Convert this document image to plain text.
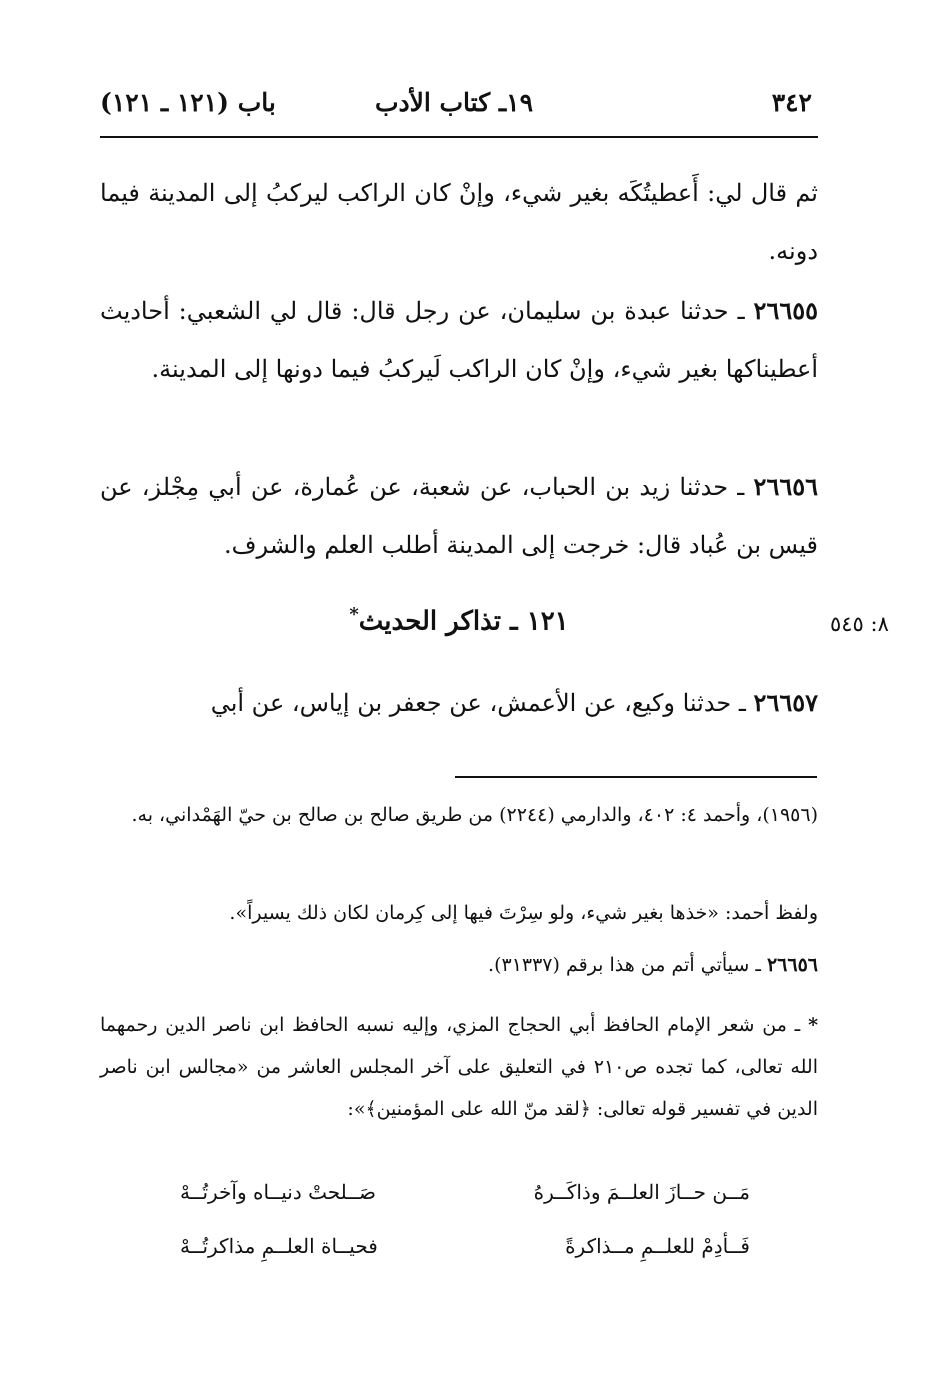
٣٤٢
١٩ـ كتاب الأدب
باب (١٢١ ـ ١٢١)

ثم قال لي: أَعطيتُكَه بغير شيء، وإنْ كان الراكب ليركبُ إلى المدينة فيما دونه.

٢٦٦٥٥ ـ حدثنا عبدة بن سليمان، عن رجل قال: قال لي الشعبي: أحاديث أعطيناكها بغير شيء، وإنْ كان الراكب لَيركبُ فيما دونها إلى المدينة.

٢٦٦٥٦ ـ حدثنا زيد بن الحباب، عن شعبة، عن عُمارة، عن أبي مِجْلز، عن قيس بن عُباد قال: خرجت إلى المدينة أطلب العلم والشرف.

١٢١ ـ تذاكر الحديث*	٨: ٥٤٥

٢٦٦٥٧ ـ حدثنا وكيع، عن الأعمش، عن جعفر بن إياس، عن أبي

(١٩٥٦)، وأحمد ٤: ٤٠٢، والدارمي (٢٢٤٤) من طريق صالح بن صالح بن حيّ الهَمْداني، به.

ولفظ أحمد: «خذها بغير شيء، ولو سِرْتَ فيها إلى كِرمان لكان ذلك يسيراً».

٢٦٦٥٦ ـ سيأتي أتم من هذا برقم (٣١٣٣٧).

* ـ من شعر الإمام الحافظ أبي الحجاج المزي، وإليه نسبه الحافظ ابن ناصر الدين رحمهما الله تعالى، كما تجده ص٢١٠ في التعليق على آخر المجلس العاشر من «مجالس ابن ناصر الدين في تفسير قوله تعالى: ﴿لقد منّ الله على المؤمنين﴾»:

مَــن حــازَ العلــمَ وذاكَــرهُ
صَــلحتْ دنيــاه وآخرتُــهْ
فَــأدِمْ للعلــمِ مــذاكرةً
فحيــاة العلــمِ مذاكرتُــهْ
